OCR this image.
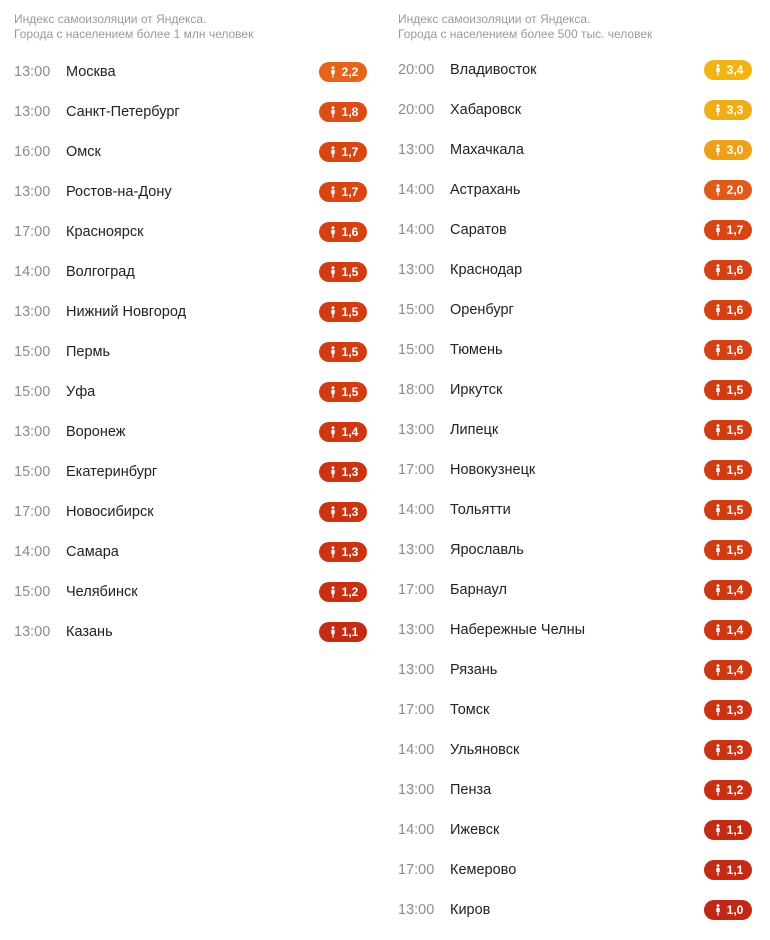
Индекс самоизоляции от Яндекса.
Города с населением более 1 млн человек
13:00	Москва	2,2
13:00	Санкт-Петербург	1,8
16:00	Омск	1,7
13:00	Ростов-на-Дону	1,7
17:00	Красноярск	1,6
14:00	Волгоград	1,5
13:00	Нижний Новгород	1,5
15:00	Пермь	1,5
15:00	Уфа	1,5
13:00	Воронеж	1,4
15:00	Екатеринбург	1,3
17:00	Новосибирск	1,3
14:00	Самара	1,3
15:00	Челябинск	1,2
13:00	Казань	1,1
Индекс самоизоляции от Яндекса.
Города с населением более 500 тыс. человек
20:00	Владивосток	3,4
20:00	Хабаровск	3,3
13:00	Махачкала	3,0
14:00	Астрахань	2,0
14:00	Саратов	1,7
13:00	Краснодар	1,6
15:00	Оренбург	1,6
15:00	Тюмень	1,6
18:00	Иркутск	1,5
13:00	Липецк	1,5
17:00	Новокузнецк	1,5
14:00	Тольятти	1,5
13:00	Ярославль	1,5
17:00	Барнаул	1,4
13:00	Набережные Челны	1,4
13:00	Рязань	1,4
17:00	Томск	1,3
14:00	Ульяновск	1,3
13:00	Пенза	1,2
14:00	Ижевск	1,1
17:00	Кемерово	1,1
13:00	Киров	1,0
